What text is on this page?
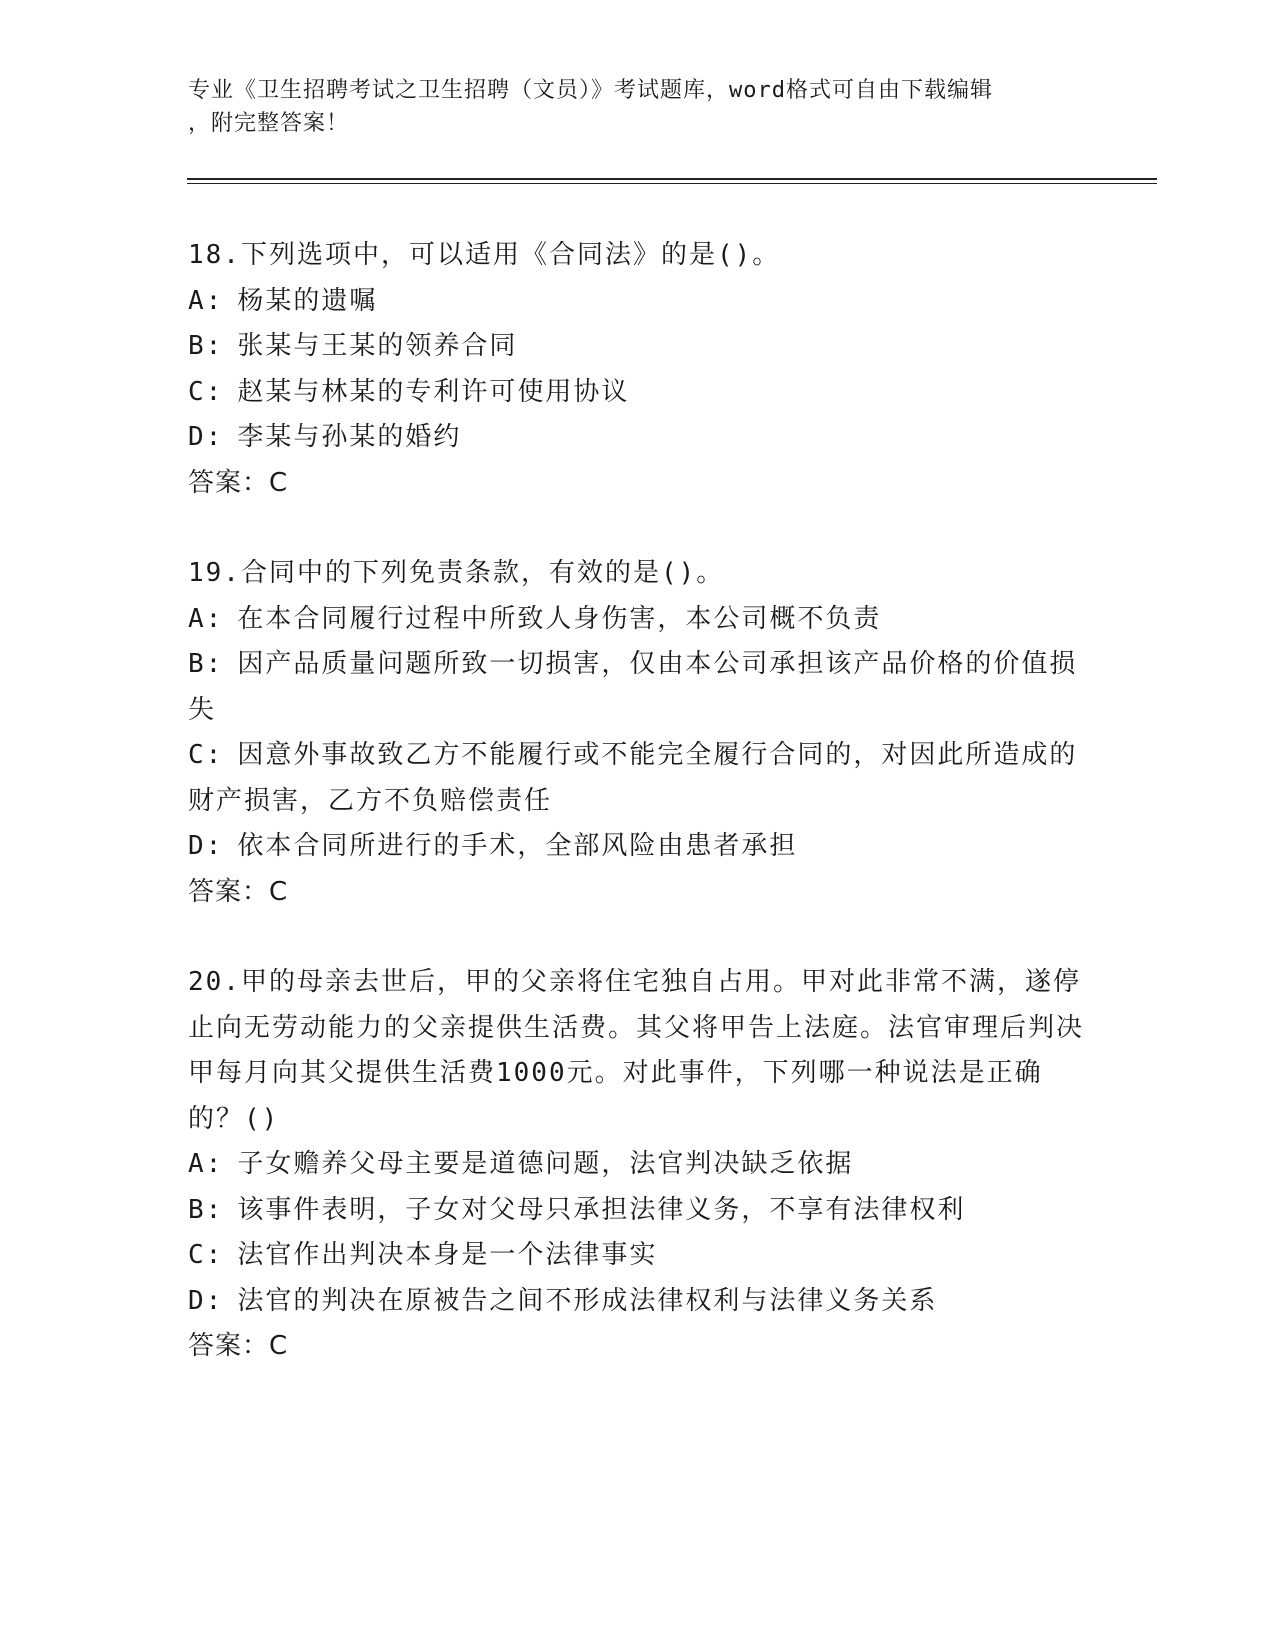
专业《卫生招聘考试之卫生招聘（文员）》考试题库，word格式可自由下载编辑
，附完整答案！

18.下列选项中，可以适用《合同法》的是()。

A: 杨某的遗嘱

B: 张某与王某的领养合同

C: 赵某与林某的专利许可使用协议

D: 李某与孙某的婚约

答案：C

19.合同中的下列免责条款，有效的是()。

A: 在本合同履行过程中所致人身伤害，本公司概不负责

B: 因产品质量问题所致一切损害，仅由本公司承担该产品价格的价值损失

C: 因意外事故致乙方不能履行或不能完全履行合同的，对因此所造成的财产损害，乙方不负赔偿责任

D: 依本合同所进行的手术，全部风险由患者承担

答案：C

20.甲的母亲去世后，甲的父亲将住宅独自占用。甲对此非常不满，遂停止向无劳动能力的父亲提供生活费。其父将甲告上法庭。法官审理后判决甲每月向其父提供生活费1000元。对此事件，下列哪一种说法是正确的？()

A: 子女赡养父母主要是道德问题，法官判决缺乏依据

B: 该事件表明，子女对父母只承担法律义务，不享有法律权利

C: 法官作出判决本身是一个法律事实

D: 法官的判决在原被告之间不形成法律权利与法律义务关系

答案：C
